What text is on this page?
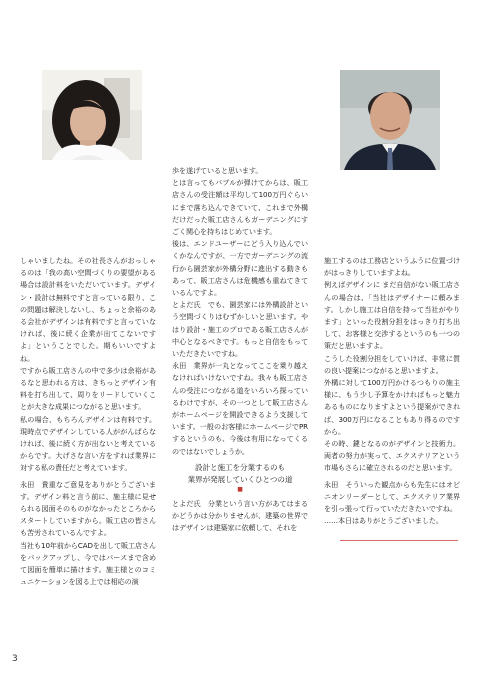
しゃいましたね。その社長さんがおっしゃるのは「我の高い空間づくりの要望がある場合は設計料をいただいています。デザイン・設計は無料ですと言っている限り、この問題は解決しないし、ちょっと余裕のある会社がデザインは有料ですと言っていなければ、後に続く企業が出てこないですよ」ということでした。期もいいですよね。

ですから販工店さんの中で多少は余裕があるなと思われる方は、きちっとデザイン有料を打ち出して、周りをリードしていくことが大きな成果につながると思います。

私の場合、もちろんデザインは有料です。現時点でデザインしている人ががんばらなければ、後に続く方が出ないと考えているからです。大げさな言い方をすれば業界に対する私の責任だと考えています。

永田　貴重なご意見をありがとうございます。デザイン料と言う前に、施主様に見せられる図面そのものがなかったところからスタートしていますから。販工店の皆さんも苦労されているんですよ。

当社も10年前からCADを出して販工店さんをバックアップし、今ではパースまで含めて図面を簡単に描けます。施主様とのコミュニケーションを図る上では相応の演

歩を遂げていると思います。

とは言ってもバブルが弾けてからは、販工店さんの受注額は平均して100万円ぐらいにまで落ち込んできていて、これまで外構だけだった販工店さんもガーデニングにすごく関心を持ちはじめています。

後は、エンドユーザーにどう入り込んでいくかなんですが、一方でガーデニングの流行から園芸家が外構分野に進出する動きもあって、販工店さんは危機感も重ねてきているんですよ。

とよだ氏　でも、園芸家には外構設計という空間づくりはむずかしいと思います。やはり設計・施工のプロである販工店さんが中心となるべきです。もっと自信をもっていただきたいですね。

永田　業界が一丸となってここを乗り越えなければいけないですね。我々も販工店さんの受注につながる道をいろいろ探っているわけですが、その一つとして販工店さんがホームページを開設できるよう支援しています。一般のお客様にホームページでPRするというのも、今後は有用になってくるのではないでしょうか。

設計と施工を分業するのも
業界が発展していくひとつの道
■

とよだ氏　分業という言い方があてはまるかどうかは分かりませんが、建築の世界ではデザインは建築家に依頼して、それを

施工するのは工務店というふうに位置づけがはっきりしていますよね。

例えばデザインに まだ自信がない販工店さんの場合は、「当社はデザイナーに頼みます。しかし施工は自信を持って当社がやります」といった役割分担をはっきり打ち出して、お客様と交渉するというのも一つの策だと思いますよ。

こうした役割分担をしていけば、非常に質の良い提案につながると思いますよ。

外構に対して100万円かけるつもりの施主様に、もう少し予算をかければもっと魅力あるものになりますよという提案ができれば、300万円になることもあり得るのですから。

その時、鍵となるのがデザインと技術力。両者の努力が実って、エクステリアという市場もさらに確立されるのだと思います。

永田　そういった観点からも先生にはオピニオンリーダーとして、エクステリア業界を引っ張って行っていただきたいですね。

……本日はありがとうございました。

3
